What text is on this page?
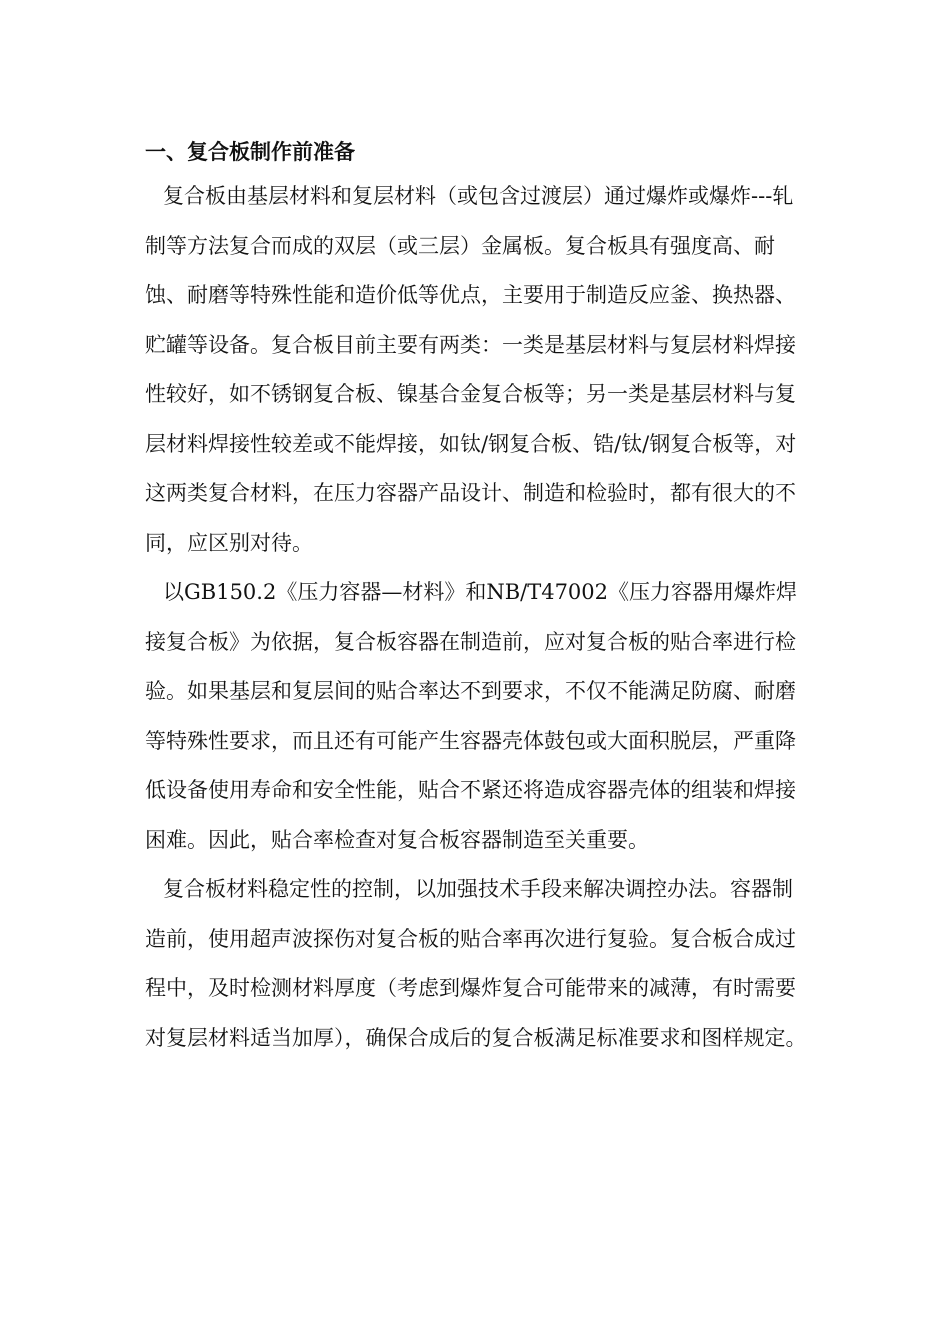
一、复合板制作前准备

复合板由基层材料和复层材料（或包含过渡层）通过爆炸或爆炸---轧制等方法复合而成的双层（或三层）金属板。复合板具有强度高、耐蚀、耐磨等特殊性能和造价低等优点，主要用于制造反应釜、换热器、贮罐等设备。复合板目前主要有两类：一类是基层材料与复层材料焊接性较好，如不锈钢复合板、镍基合金复合板等；另一类是基层材料与复层材料焊接性较差或不能焊接，如钛/钢复合板、锆/钛/钢复合板等，对这两类复合材料，在压力容器产品设计、制造和检验时，都有很大的不同，应区别对待。

以GB150.2《压力容器—材料》和NB/T47002《压力容器用爆炸焊接复合板》为依据，复合板容器在制造前，应对复合板的贴合率进行检验。如果基层和复层间的贴合率达不到要求，不仅不能满足防腐、耐磨等特殊性要求，而且还有可能产生容器壳体鼓包或大面积脱层，严重降低设备使用寿命和安全性能，贴合不紧还将造成容器壳体的组装和焊接困难。因此，贴合率检查对复合板容器制造至关重要。

复合板材料稳定性的控制，以加强技术手段来解决调控办法。容器制造前，使用超声波探伤对复合板的贴合率再次进行复验。复合板合成过程中，及时检测材料厚度（考虑到爆炸复合可能带来的减薄，有时需要对复层材料适当加厚），确保合成后的复合板满足标准要求和图样规定。
